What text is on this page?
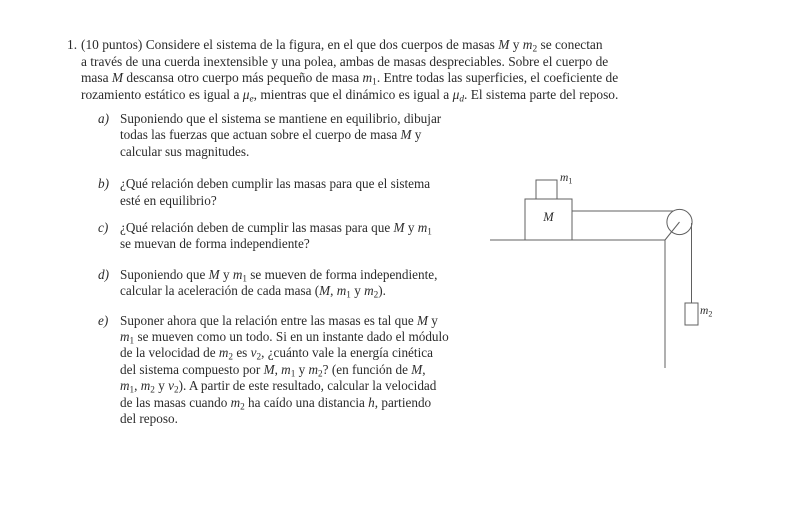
1. (10 puntos) Considere el sistema de la figura, en el que dos cuerpos de masas M y $m_2$ se conectan
a través de una cuerda inextensible y una polea, ambas de masas despreciables. Sobre el cuerpo de
masa M descansa otro cuerpo más pequeño de masa $m_1$. Entre todas las superficies, el coeficiente de
rozamiento estático es igual a $\mu_e$, mientras que el dinámico es igual a $\mu_d$. El sistema parte del reposo.
a) Suponiendo que el sistema se mantiene en equilibrio, dibujar
todas las fuerzas que actuan sobre el cuerpo de masa M y
calcular sus magnitudes.
b) ¿Qué relación deben cumplir las masas para que el sistema
esté en equilibrio?
c) ¿Qué relación deben de cumplir las masas para que M y $m_1$
se muevan de forma independiente?
d) Suponiendo que M y $m_1$ se mueven de forma independiente,
calcular la aceleración de cada masa (M, $m_1$ y $m_2$).
e) Suponer ahora que la relación entre las masas es tal que M y
$m_1$ se mueven como un todo. Si en un instante dado el módulo
de la velocidad de $m_2$ es $v_2$, ¿cuánto vale la energía cinética
del sistema compuesto por M, $m_1$ y $m_2$? (en función de M,
$m_1$, $m_2$ y $v_2$). A partir de este resultado, calcular la velocidad
de las masas cuando $m_2$ ha caído una distancia h, partiendo
del reposo.
$m_1$
M
$m_2$
